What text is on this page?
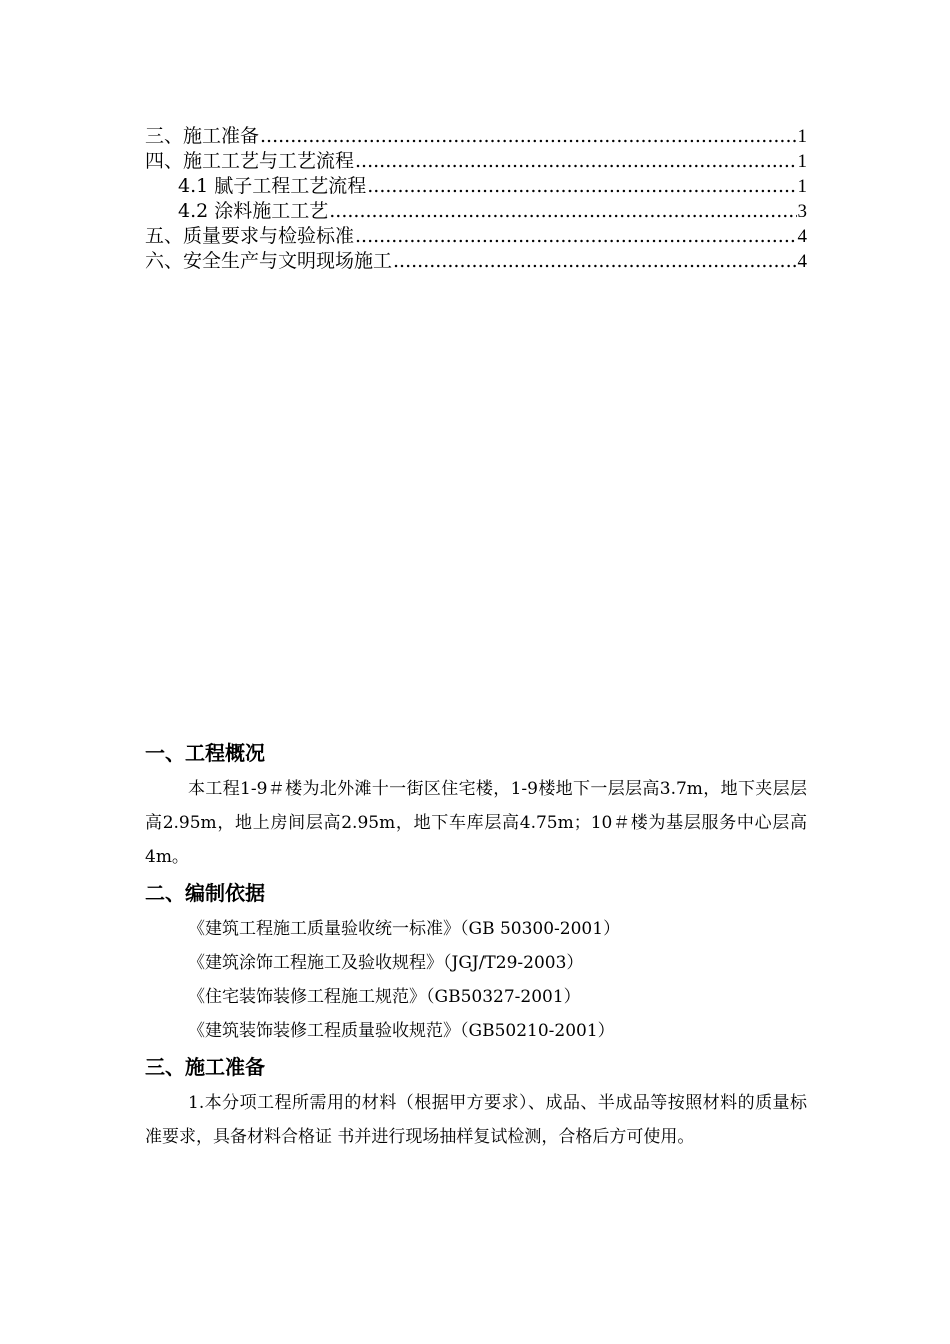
三、施工准备 .....	1
四、施工工艺与工艺流程 .....	1
4.1 腻子工程工艺流程 .....	1
4.2 涂料施工工艺 .....	3
五、质量要求与检验标准 .....	4
六、安全生产与文明现场施工 .....	4
一、工程概况

本工程1-9＃楼为北外滩十一街区住宅楼，1-9楼地下一层层高3.7m，地下夹层层高2.95m，地上房间层高2.95m，地下车库层高4.75m；10＃楼为基层服务中心层高4m。

二、编制依据

《建筑工程施工质量验收统一标准》（GB 50300-2001）

《建筑涂饰工程施工及验收规程》（JGJ/T29-2003）

《住宅装饰装修工程施工规范》（GB50327-2001）

《建筑装饰装修工程质量验收规范》（GB50210-2001）

三、施工准备

1.本分项工程所需用的材料（根据甲方要求）、成品、半成品等按照材料的质量标准要求，具备材料合格证 书并进行现场抽样复试检测，合格后方可使用。
